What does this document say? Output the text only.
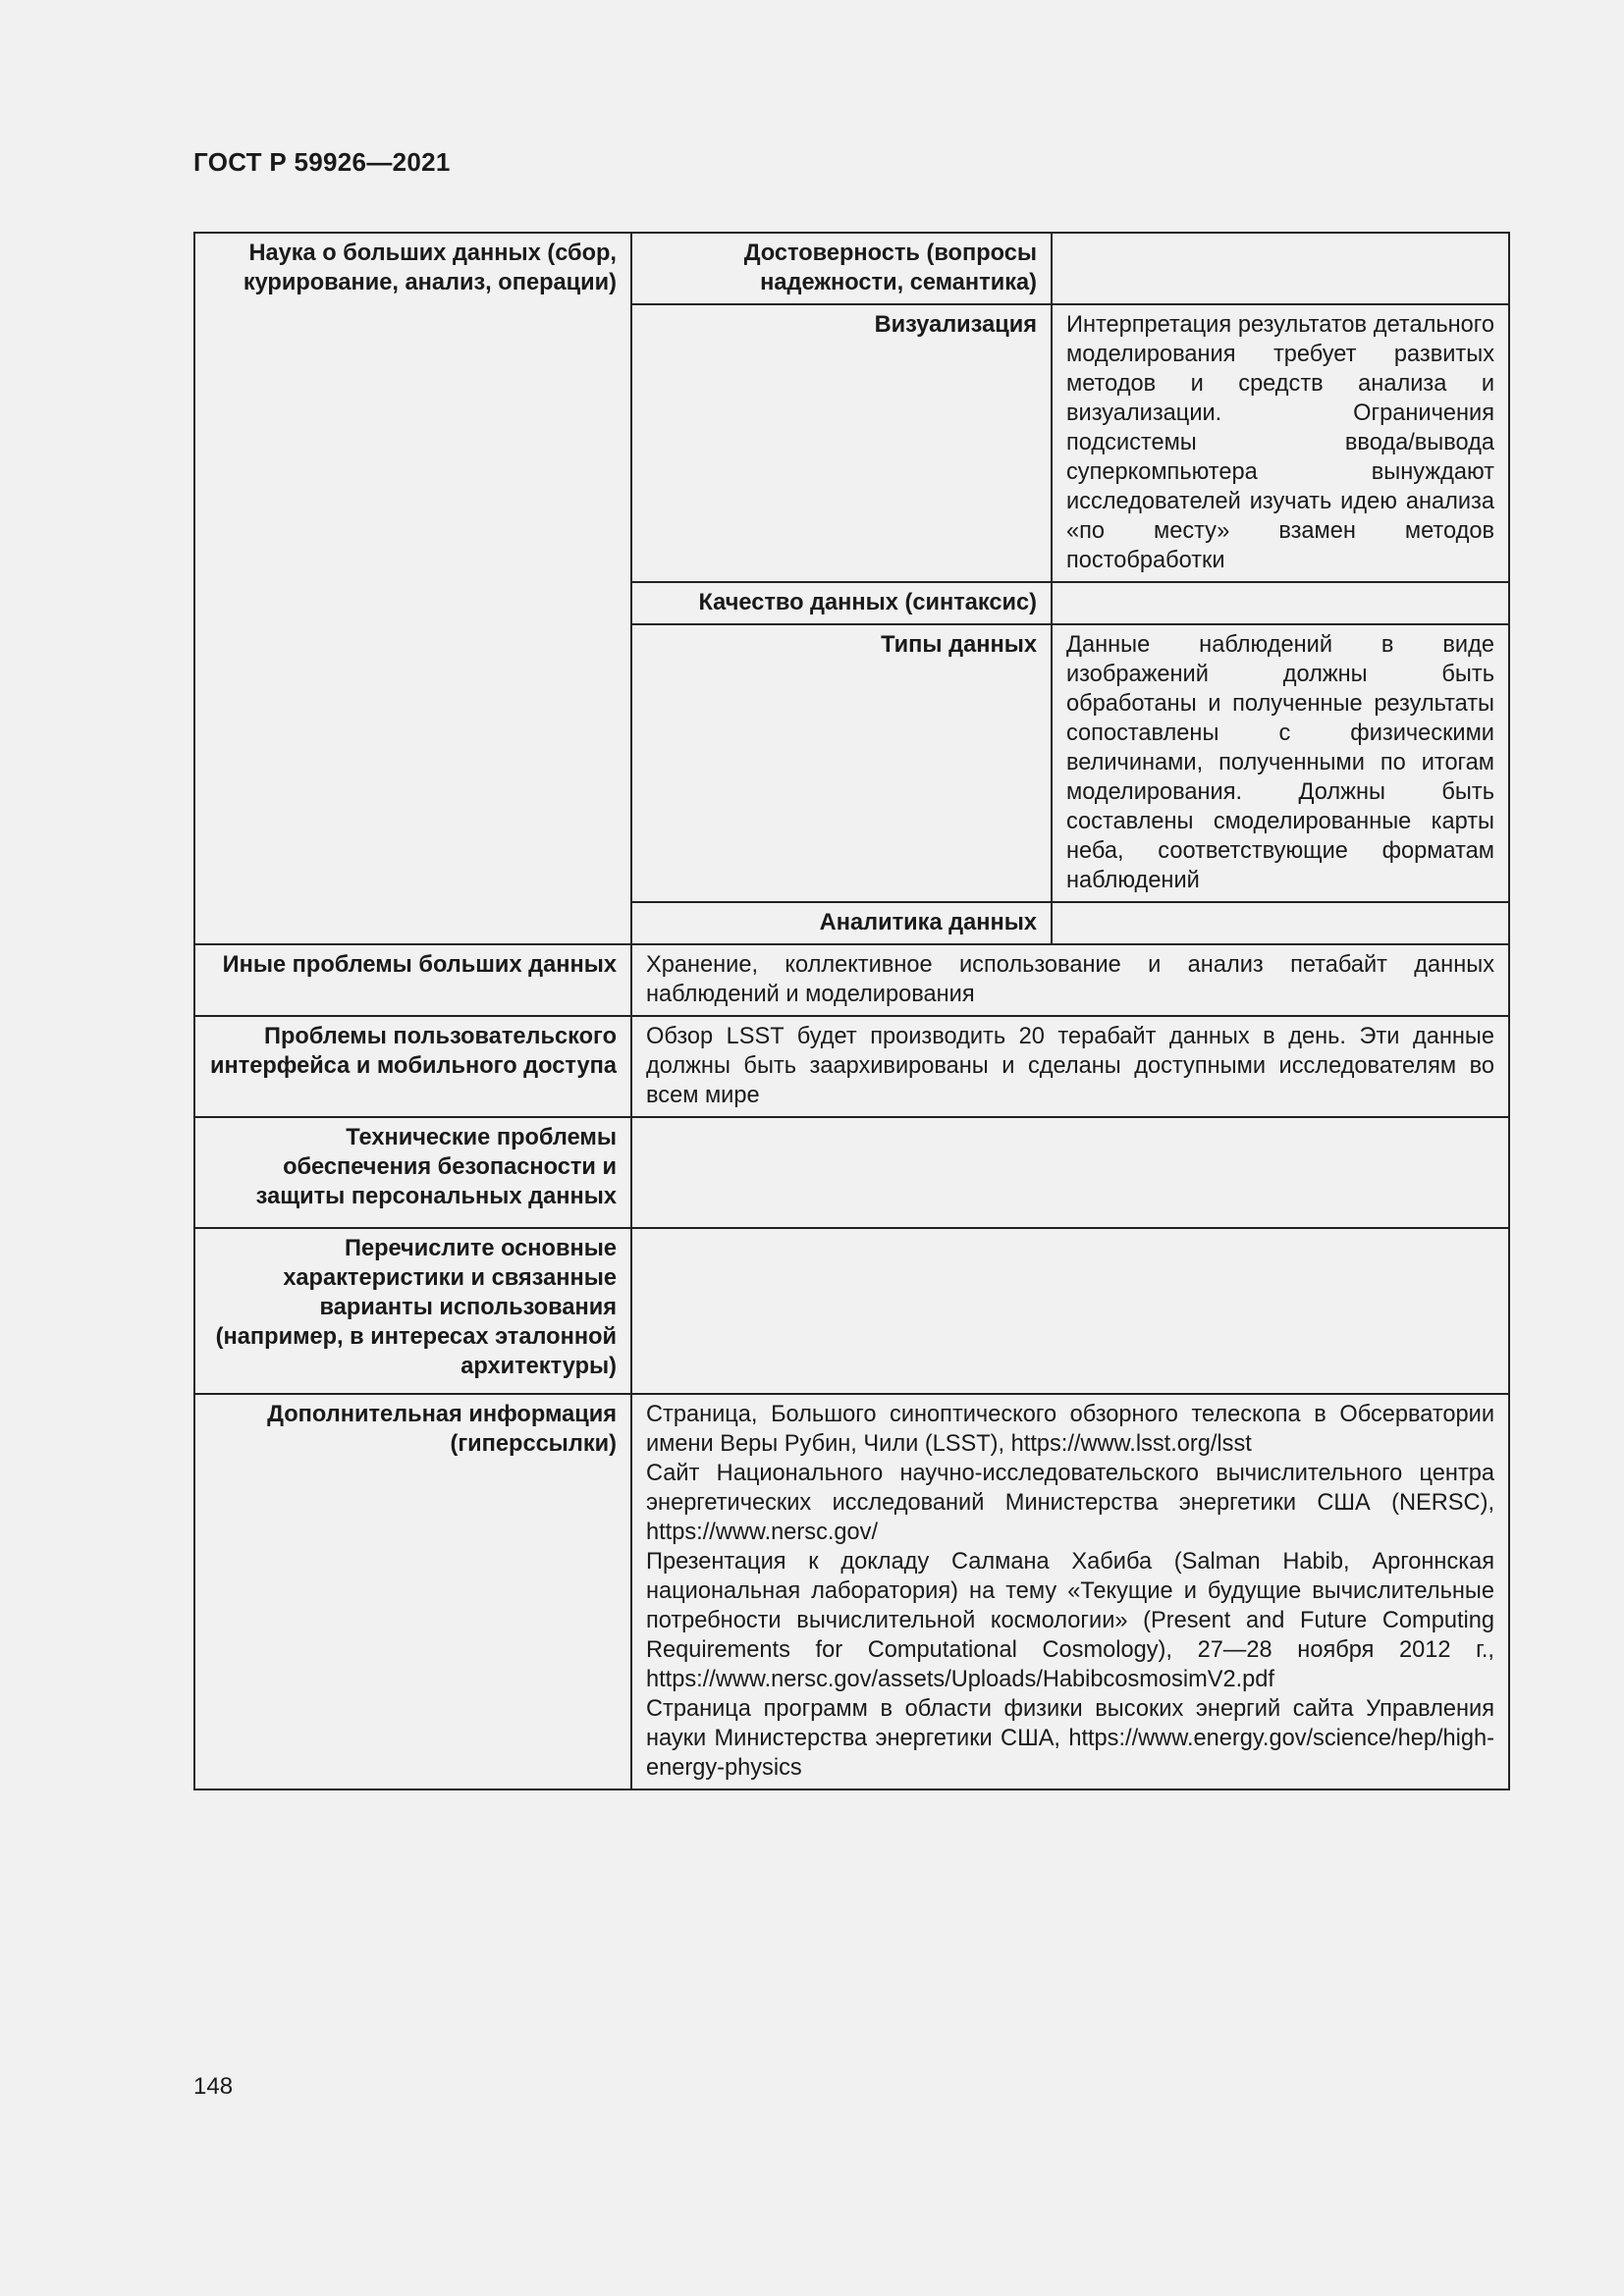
ГОСТ Р 59926—2021
Наука о больших данных (сбор, курирование, анализ, операции)	Достоверность (вопросы надежности, семантика)	
	Визуализация	Интерпретация результатов детального моделирования требует развитых методов и средств анализа и визуализации. Ограничения подсистемы ввода/вывода суперкомпьютера вынуждают исследователей изучать идею анализа «по месту» взамен методов постобработки
	Качество данных (синтаксис)	
	Типы данных	Данные наблюдений в виде изображений должны быть обработаны и полученные результаты сопоставлены с физическими величинами, полученными по итогам моделирования. Должны быть составлены смоделированные карты неба, соответствующие форматам наблюдений
	Аналитика данных	
Иные проблемы больших данных	Хранение, коллективное использование и анализ петабайт данных наблюдений и моделирования	
Проблемы пользовательского интерфейса и мобильного доступа	Обзор LSST будет производить 20 терабайт данных в день. Эти данные должны быть заархивированы и сделаны доступными исследователям во всем мире	
Технические проблемы обеспечения безопасности и защиты персональных данных		
Перечислите основные характеристики и связанные варианты использования (например, в интересах эталонной архитектуры)		
Дополнительная информация (гиперссылки)	Страница, Большого синоптического обзорного телескопа в Обсерватории имени Веры Рубин, Чили (LSST), https://www.lsst.org/lsst
Сайт Национального научно-исследовательского вычислительного центра энергетических исследований Министерства энергетики США (NERSC), https://www.nersc.gov/
Презентация к докладу Салмана Хабиба (Salman Habib, Аргоннская национальная лаборатория) на тему «Текущие и будущие вычислительные потребности вычислительной космологии» (Present and Future Computing Requirements for Computational Cosmology), 27—28 ноября 2012 г., https://www.nersc.gov/assets/Uploads/HabibcosmosimV2.pdf
Страница программ в области физики высоких энергий сайта Управления науки Министерства энергетики США, https://www.energy.gov/science/hep/high-energy-physics	
148
